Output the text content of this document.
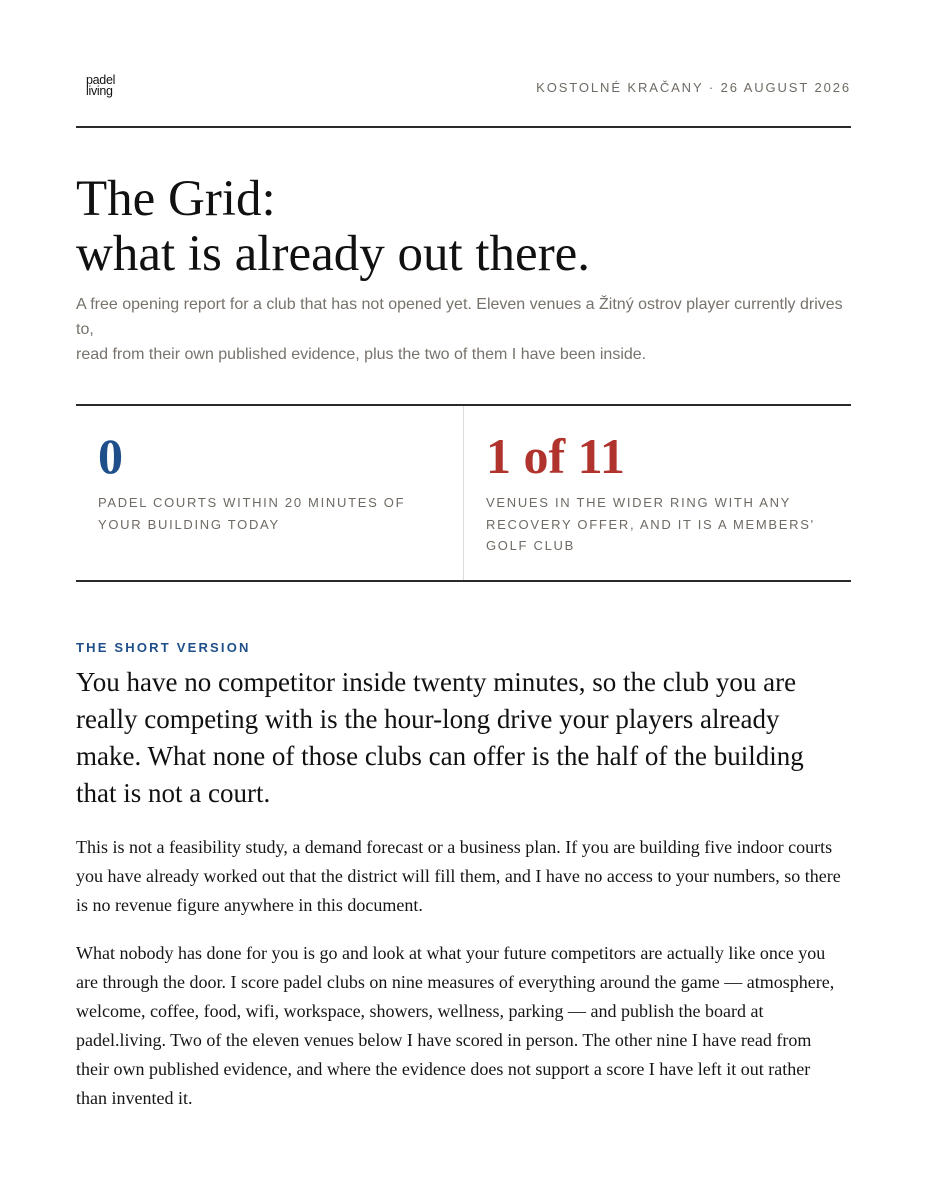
padel
living	KOSTOLNÉ KRAČANY · 26 AUGUST 2026
The Grid:
what is already out there.
A free opening report for a club that has not opened yet. Eleven venues a Žitný ostrov player currently drives
to,
read from their own published evidence, plus the two of them I have been inside.
0
PADEL COURTS WITHIN 20 MINUTES OF YOUR BUILDING TODAY
1 of 11
VENUES IN THE WIDER RING WITH ANY RECOVERY OFFER, AND IT IS A MEMBERS' GOLF CLUB
THE SHORT VERSION

You have no competitor inside twenty minutes, so the club you are
really competing with is the hour-long drive your players already
make. What none of those clubs can offer is the half of the building
that is not a court.

This is not a feasibility study, a demand forecast or a business plan. If you are building five indoor courts
you have already worked out that the district will fill them, and I have no access to your numbers, so there
is no revenue figure anywhere in this document.

What nobody has done for you is go and look at what your future competitors are actually like once you
are through the door. I score padel clubs on nine measures of everything around the game — atmosphere,
welcome, coffee, food, wifi, workspace, showers, wellness, parking — and publish the board at
padel.living. Two of the eleven venues below I have scored in person. The other nine I have read from
their own published evidence, and where the evidence does not support a score I have left it out rather
than invented it.
